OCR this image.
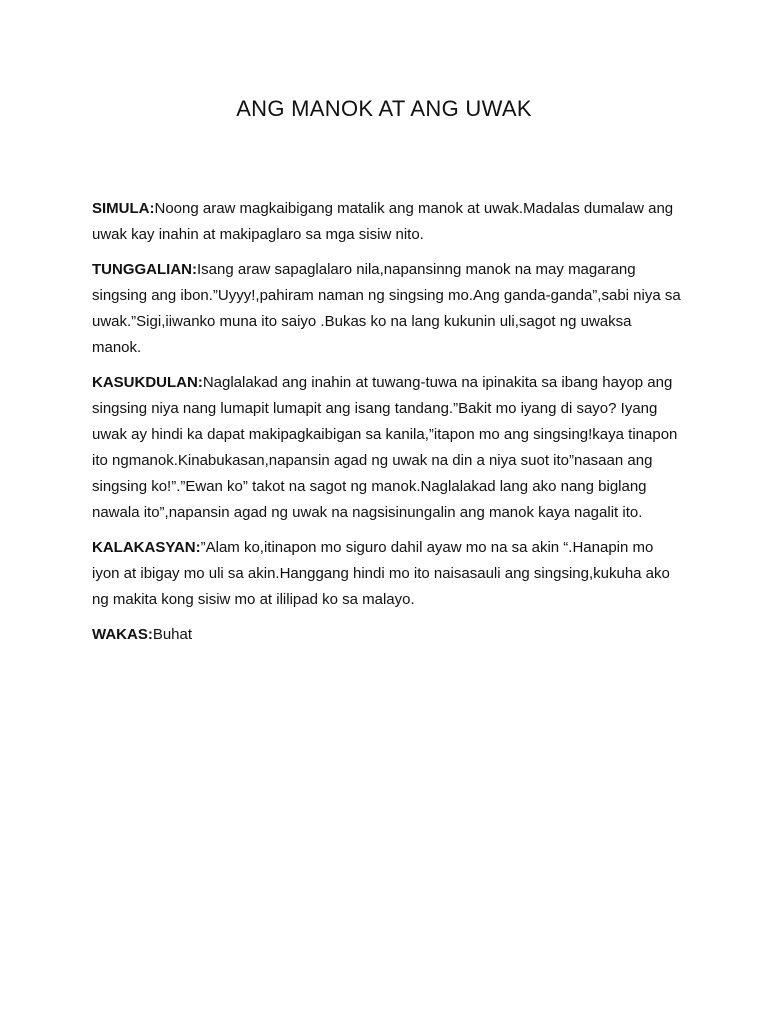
ANG MANOK AT ANG UWAK

SIMULA:Noong araw magkaibigang matalik ang manok at uwak.Madalas dumalaw ang uwak kay inahin at makipaglaro sa mga sisiw nito.

TUNGGALIAN:Isang araw sapaglalaro nila,napansinng manok na may magarang singsing ang ibon.”Uyyy!,pahiram naman ng singsing mo.Ang ganda-ganda”,sabi niya sa uwak.”Sigi,iiwanko muna ito saiyo .Bukas ko na lang kukunin uli,sagot ng uwaksa manok.

KASUKDULAN:Naglalakad ang inahin at tuwang-tuwa na ipinakita sa ibang hayop ang singsing niya nang lumapit lumapit ang isang tandang.”Bakit mo iyang di sayo? Iyang uwak ay hindi ka dapat makipagkaibigan sa kanila,”itapon mo ang singsing!kaya tinapon ito ngmanok.Kinabukasan,napansin agad ng uwak na din a niya suot ito”nasaan ang singsing ko!”.”Ewan ko” takot na sagot ng manok.Naglalakad lang ako nang biglang nawala ito”,napansin agad ng uwak na nagsisinungalin ang manok kaya nagalit ito.

KALAKASYAN:”Alam ko,itinapon mo siguro dahil ayaw mo na sa akin “.Hanapin mo iyon at ibigay mo uli sa akin.Hanggang hindi mo ito naisasauli ang singsing,kukuha ako ng makita kong sisiw mo at ililipad ko sa malayo.

WAKAS:Buhat
